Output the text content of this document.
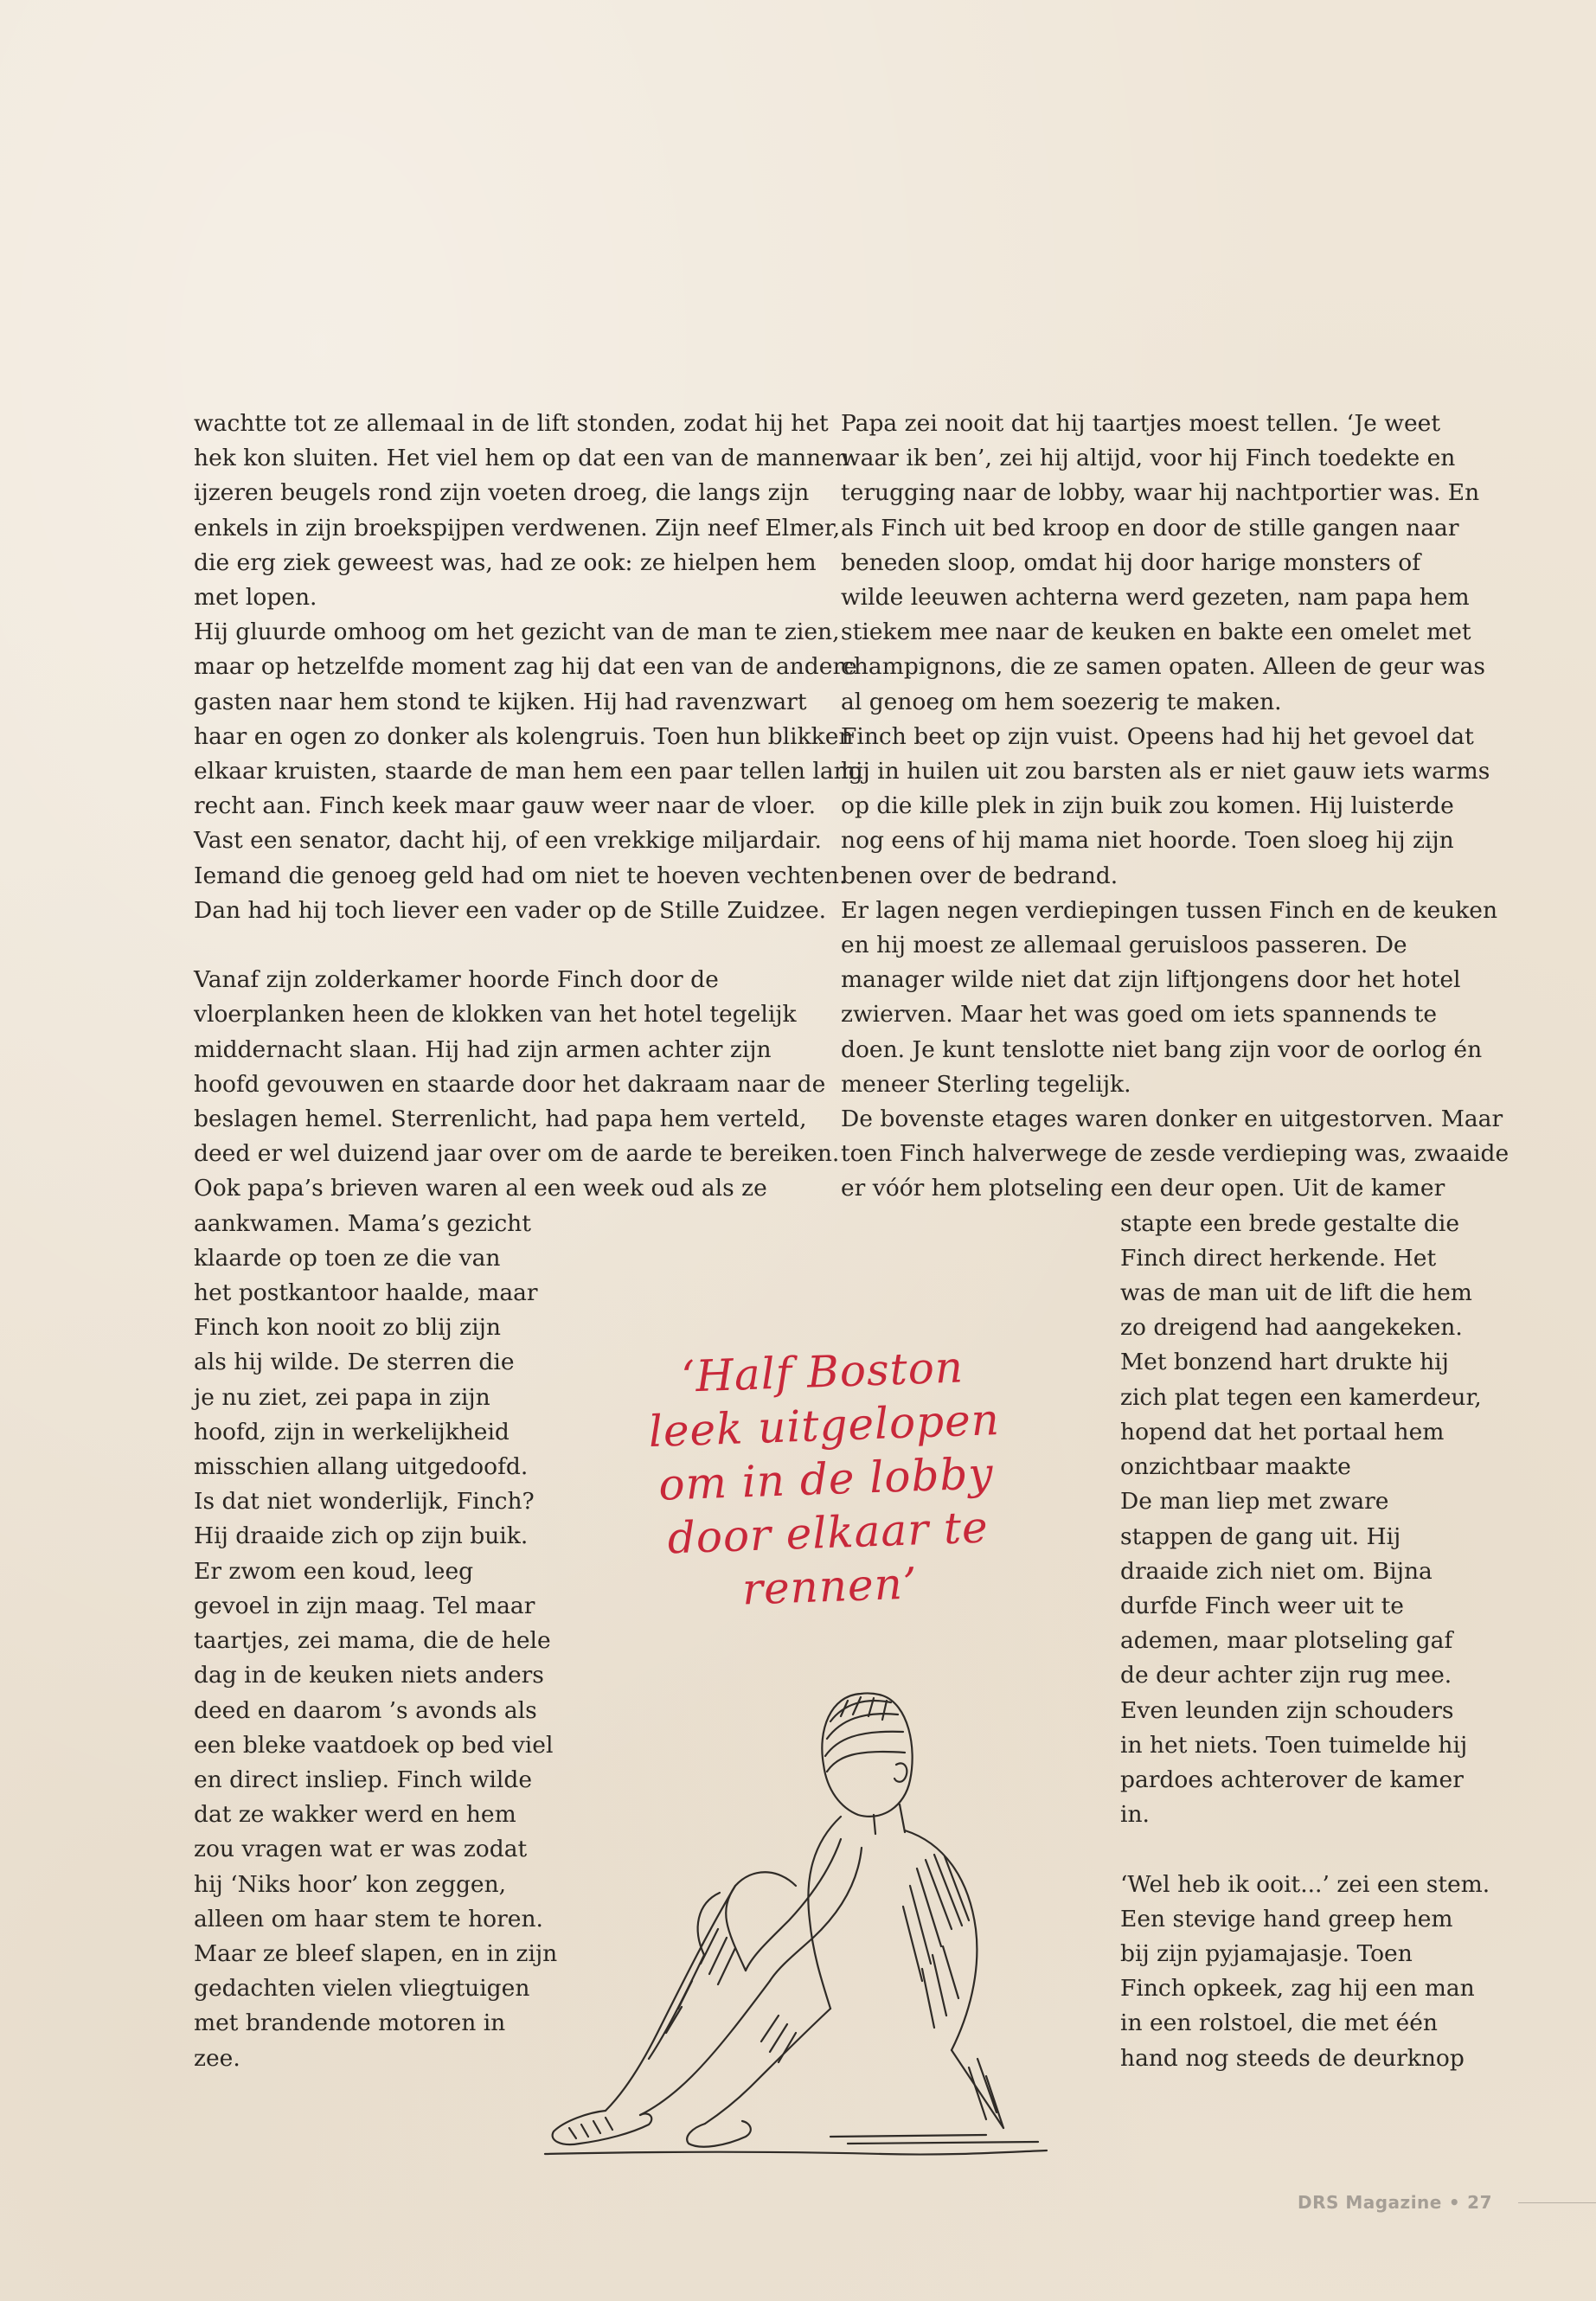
wachtte tot ze allemaal in de lift stonden, zodat hij het

hek kon sluiten. Het viel hem op dat een van de mannen

ijzeren beugels rond zijn voeten droeg, die langs zijn

enkels in zijn broekspijpen verdwenen. Zijn neef Elmer,

die erg ziek geweest was, had ze ook: ze hielpen hem

met lopen.

Hij gluurde omhoog om het gezicht van de man te zien,

maar op hetzelfde moment zag hij dat een van de andere

gasten naar hem stond te kijken. Hij had ravenzwart

haar en ogen zo donker als kolengruis. Toen hun blikken

elkaar kruisten, staarde de man hem een paar tellen lang

recht aan. Finch keek maar gauw weer naar de vloer.

Vast een senator, dacht hij, of een vrekkige miljardair.

Iemand die genoeg geld had om niet te hoeven vechten.

Dan had hij toch liever een vader op de Stille Zuidzee.

Vanaf zijn zolderkamer hoorde Finch door de

vloerplanken heen de klokken van het hotel tegelijk

middernacht slaan. Hij had zijn armen achter zijn

hoofd gevouwen en staarde door het dakraam naar de

beslagen hemel. Sterrenlicht, had papa hem verteld,

deed er wel duizend jaar over om de aarde te bereiken.

Ook papa’s brieven waren al een week oud als ze

aankwamen. Mama’s gezicht

klaarde op toen ze die van

het postkantoor haalde, maar

Finch kon nooit zo blij zijn

als hij wilde. De sterren die

je nu ziet, zei papa in zijn

hoofd, zijn in werkelijkheid

misschien allang uitgedoofd.

Is dat niet wonderlijk, Finch?

Hij draaide zich op zijn buik.

Er zwom een koud, leeg

gevoel in zijn maag. Tel maar

taartjes, zei mama, die de hele

dag in de keuken niets anders

deed en daarom ’s avonds als

een bleke vaatdoek op bed viel

en direct insliep. Finch wilde

dat ze wakker werd en hem

zou vragen wat er was zodat

hij ‘Niks hoor’ kon zeggen,

alleen om haar stem te horen.

Maar ze bleef slapen, en in zijn

gedachten vielen vliegtuigen

met brandende motoren in

zee.

Papa zei nooit dat hij taartjes moest tellen. ‘Je weet

waar ik ben’, zei hij altijd, voor hij Finch toedekte en

terugging naar de lobby, waar hij nachtportier was. En

als Finch uit bed kroop en door de stille gangen naar

beneden sloop, omdat hij door harige monsters of

wilde leeuwen achterna werd gezeten, nam papa hem

stiekem mee naar de keuken en bakte een omelet met

champignons, die ze samen opaten. Alleen de geur was

al genoeg om hem soezerig te maken.

Finch beet op zijn vuist. Opeens had hij het gevoel dat

hij in huilen uit zou barsten als er niet gauw iets warms

op die kille plek in zijn buik zou komen. Hij luisterde

nog eens of hij mama niet hoorde. Toen sloeg hij zijn

benen over de bedrand.

Er lagen negen verdiepingen tussen Finch en de keuken

en hij moest ze allemaal geruisloos passeren. De

manager wilde niet dat zijn liftjongens door het hotel

zwierven. Maar het was goed om iets spannends te

doen. Je kunt tenslotte niet bang zijn voor de oorlog én

meneer Sterling tegelijk.

De bovenste etages waren donker en uitgestorven. Maar

toen Finch halverwege de zesde verdieping was, zwaaide

er vóór hem plotseling een deur open. Uit de kamer

stapte een brede gestalte die

Finch direct herkende. Het

was de man uit de lift die hem

zo dreigend had aangekeken.

Met bonzend hart drukte hij

zich plat tegen een kamerdeur,

hopend dat het portaal hem

onzichtbaar maakte

De man liep met zware

stappen de gang uit. Hij

draaide zich niet om. Bijna

durfde Finch weer uit te

ademen, maar plotseling gaf

de deur achter zijn rug mee.

Even leunden zijn schouders

in het niets. Toen tuimelde hij

pardoes achterover de kamer

in.

‘Wel heb ik ooit...’ zei een stem.

Een stevige hand greep hem

bij zijn pyjamajasje. Toen

Finch opkeek, zag hij een man

in een rolstoel, die met één

hand nog steeds de deurknop

‘Half Boston
leek uitgelopen
om in de lobby
door elkaar te
rennen’
DRS Magazine • 27
